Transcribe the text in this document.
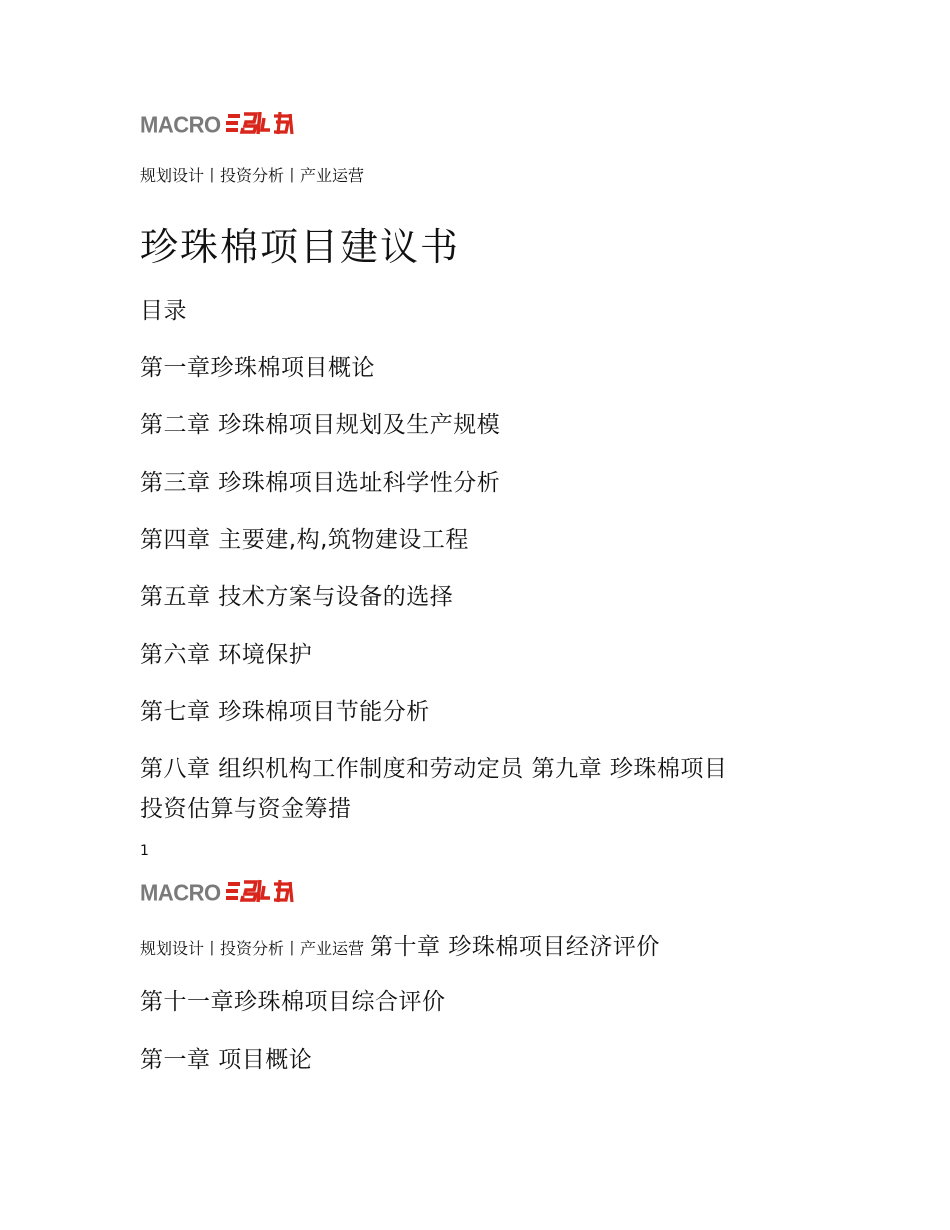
MACRO
规划设计丨投资分析丨产业运营
珍珠棉项目建议书
目录
第一章珍珠棉项目概论
第二章 珍珠棉项目规划及生产规模
第三章 珍珠棉项目选址科学性分析
第四章 主要建,构,筑物建设工程
第五章 技术方案与设备的选择
第六章 环境保护
第七章 珍珠棉项目节能分析
第八章 组织机构工作制度和劳动定员 第九章 珍珠棉项目
投资估算与资金筹措
1
MACRO
规划设计丨投资分析丨产业运营 第十章 珍珠棉项目经济评价
第十一章珍珠棉项目综合评价
第一章 项目概论
